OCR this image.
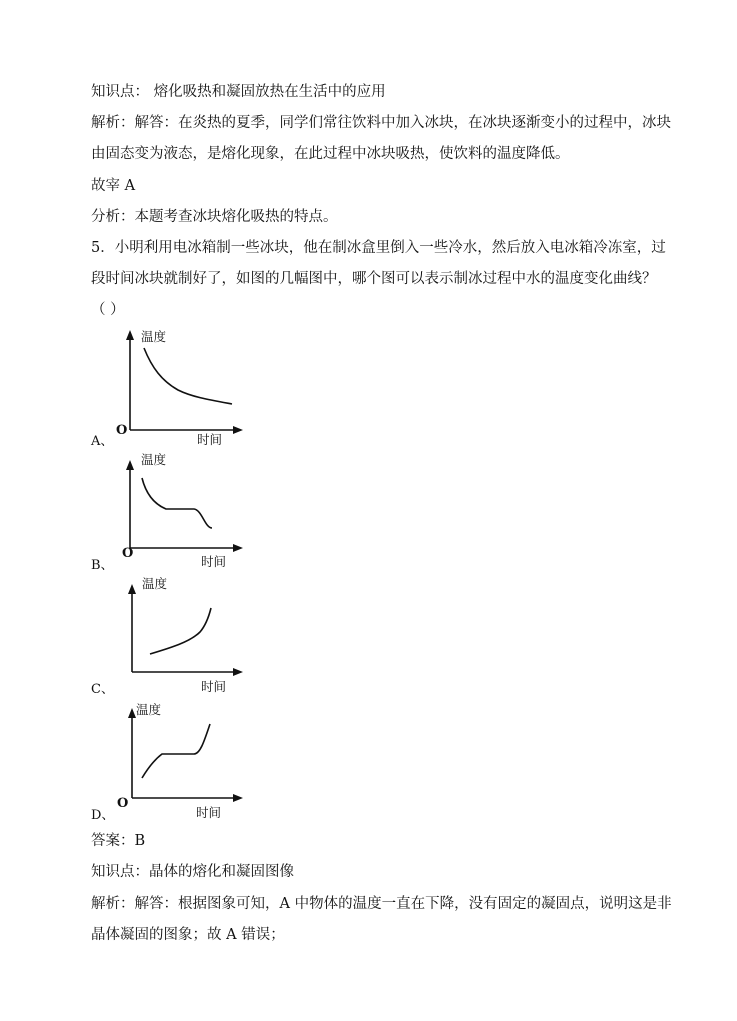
知识点： 熔化吸热和凝固放热在生活中的应用
解析：解答：在炎热的夏季，同学们常往饮料中加入冰块，在冰块逐渐变小的过程中，冰块
由固态变为液态，是熔化现象，在此过程中冰块吸热，使饮料的温度降低。
故宰 A
分析：本题考查冰块熔化吸热的特点。
5．小明利用电冰箱制一些冰块，他在制冰盒里倒入一些冷水，然后放入电冰箱冷冻室，过
段时间冰块就制好了，如图的几幅图中，哪个图可以表示制冰过程中水的温度变化曲线？
（ ）
温度
时间
O
A、
温度
时间
O
B、
温度
时间
C、
温度
时间
O
D、
答案：B
知识点：晶体的熔化和凝固图像
解析：解答：根据图象可知，A 中物体的温度一直在下降，没有固定的凝固点，说明这是非
晶体凝固的图象；故 A 错误；
